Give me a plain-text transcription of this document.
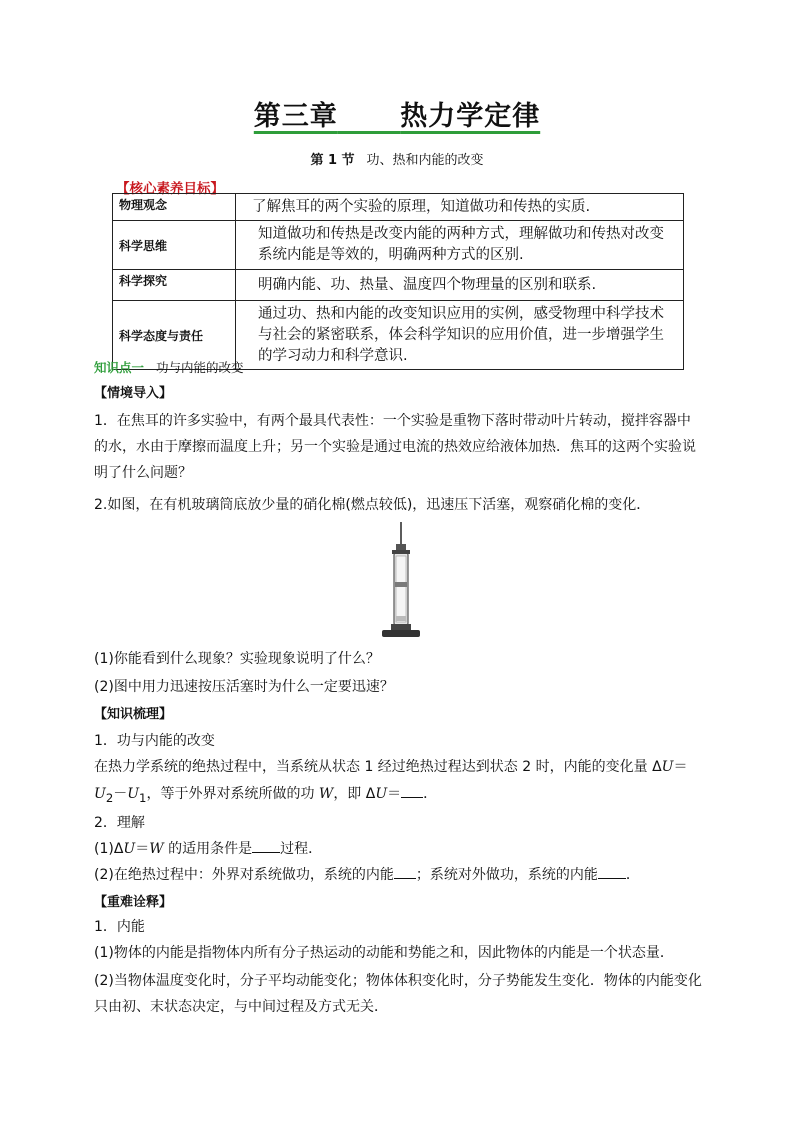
第三章 热力学定律
第 1 节 功、热和内能的改变
【核心素养目标】
物理观念	了解焦耳的两个实验的原理，知道做功和传热的实质.
科学思维	知道做功和传热是改变内能的两种方式，理解做功和传热对改变系统内能是等效的，明确两种方式的区别.
科学探究	明确内能、功、热量、温度四个物理量的区别和联系.
科学态度与责任	通过功、热和内能的改变知识应用的实例，感受物理中科学技术与社会的紧密联系，体会科学知识的应用价值，进一步增强学生的学习动力和科学意识.
知识点一 功与内能的改变
【情境导入】
1．在焦耳的许多实验中，有两个最具代表性：一个实验是重物下落时带动叶片转动，搅拌容器中的水，水由于摩擦而温度上升；另一个实验是通过电流的热效应给液体加热．焦耳的这两个实验说明了什么问题？
2.如图，在有机玻璃筒底放少量的硝化棉(燃点较低)，迅速压下活塞，观察硝化棉的变化．
(1)你能看到什么现象？实验现象说明了什么？
(2)图中用力迅速按压活塞时为什么一定要迅速？
【知识梳理】
1．功与内能的改变
在热力学系统的绝热过程中，当系统从状态 1 经过绝热过程达到状态 2 时，内能的变化量 $\Delta U=U_2-U_1$，等于外界对系统所做的功 W，即 ΔU＝ ．
2．理解
(1)ΔU＝W 的适用条件是 过程．
(2)在绝热过程中：外界对系统做功，系统的内能 ；系统对外做功，系统的内能 ．
【重难诠释】
1．内能
(1)物体的内能是指物体内所有分子热运动的动能和势能之和，因此物体的内能是一个状态量．
(2)当物体温度变化时，分子平均动能变化；物体体积变化时，分子势能发生变化．物体的内能变化只由初、末状态决定，与中间过程及方式无关．
